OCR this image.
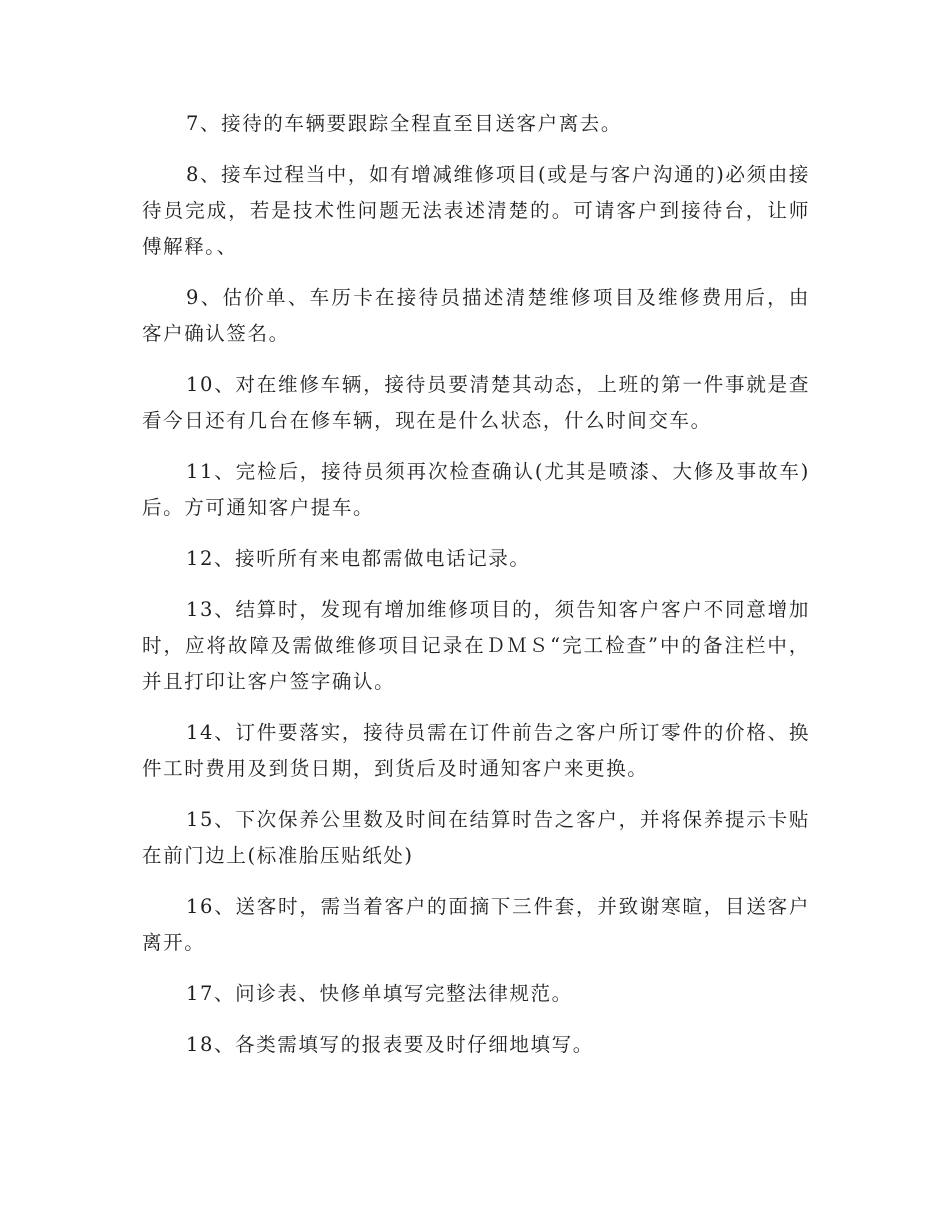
7、接待的车辆要跟踪全程直至目送客户离去。

8、接车过程当中，如有增减维修项目(或是与客户沟通的)必须由接待员完成，若是技术性问题无法表述清楚的。可请客户到接待台，让师傅解释。、

9、估价单、车历卡在接待员描述清楚维修项目及维修费用后，由客户确认签名。

10、对在维修车辆，接待员要清楚其动态，上班的第一件事就是查看今日还有几台在修车辆，现在是什么状态，什么时间交车。

11、完检后，接待员须再次检查确认(尤其是喷漆、大修及事故车)后。方可通知客户提车。

12、接听所有来电都需做电话记录。

13、结算时，发现有增加维修项目的，须告知客户客户不同意增加时，应将故障及需做维修项目记录在ＤＭＳ“完工检查”中的备注栏中，并且打印让客户签字确认。

14、订件要落实，接待员需在订件前告之客户所订零件的价格、换件工时费用及到货日期，到货后及时通知客户来更换。

15、下次保养公里数及时间在结算时告之客户，并将保养提示卡贴在前门边上(标准胎压贴纸处)

16、送客时，需当着客户的面摘下三件套，并致谢寒暄，目送客户离开。

17、问诊表、快修单填写完整法律规范。

18、各类需填写的报表要及时仔细地填写。
